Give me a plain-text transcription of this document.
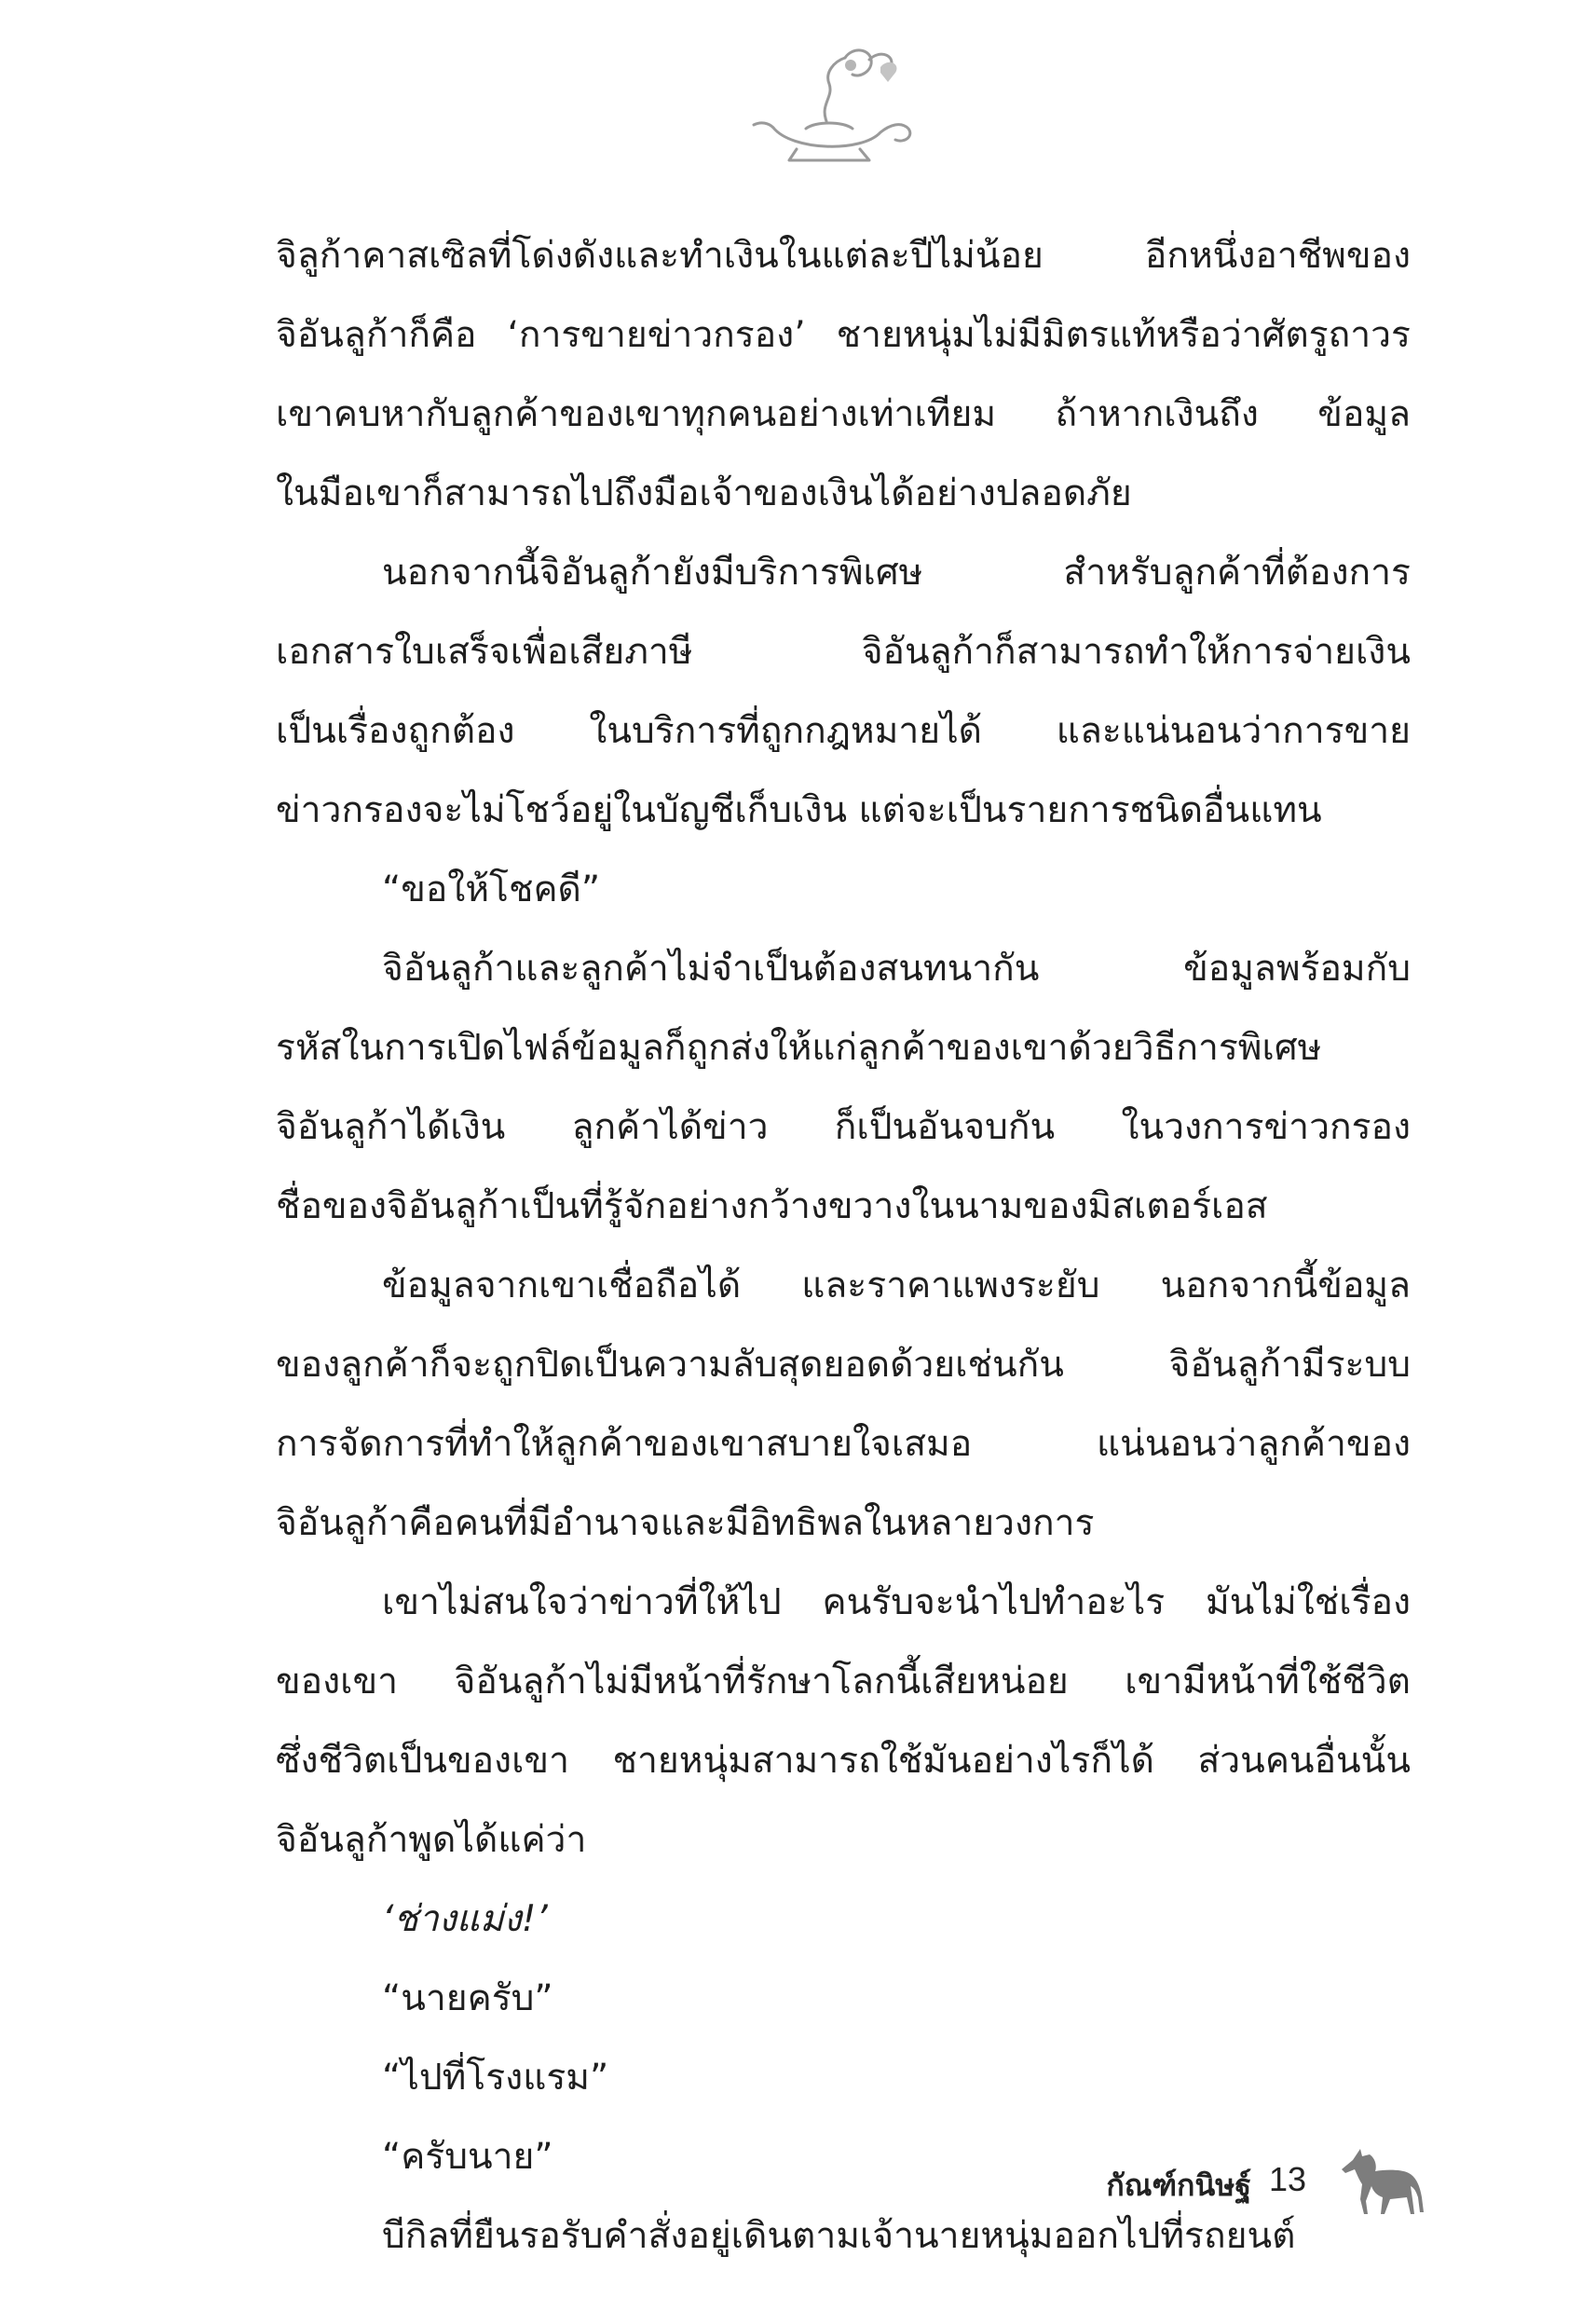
จิลูก้าคาสเซิลที่โด่งดังและทำเงินในแต่ละปีไม่น้อย อีกหนึ่งอาชีพของ

จิอันลูก้าก็คือ ‘การขายข่าวกรอง’ ชายหนุ่มไม่มีมิตรแท้หรือว่าศัตรูถาวร

เขาคบหากับลูกค้าของเขาทุกคนอย่างเท่าเทียม ถ้าหากเงินถึง ข้อมูล

ในมือเขาก็สามารถไปถึงมือเจ้าของเงินได้อย่างปลอดภัย

นอกจากนี้จิอันลูก้ายังมีบริการพิเศษ สำหรับลูกค้าที่ต้องการ

เอกสารใบเสร็จเพื่อเสียภาษี จิอันลูก้าก็สามารถทำให้การจ่ายเงิน

เป็นเรื่องถูกต้อง ในบริการที่ถูกกฎหมายได้ และแน่นอนว่าการขาย

ข่าวกรองจะไม่โชว์อยู่ในบัญชีเก็บเงิน แต่จะเป็นรายการชนิดอื่นแทน

“ขอให้โชคดี”

จิอันลูก้าและลูกค้าไม่จำเป็นต้องสนทนากัน ข้อมูลพร้อมกับ

รหัสในการเปิดไฟล์ข้อมูลก็ถูกส่งให้แก่ลูกค้าของเขาด้วยวิธีการพิเศษ

จิอันลูก้าได้เงิน ลูกค้าได้ข่าว ก็เป็นอันจบกัน ในวงการข่าวกรอง

ชื่อของจิอันลูก้าเป็นที่รู้จักอย่างกว้างขวางในนามของมิสเตอร์เอส

ข้อมูลจากเขาเชื่อถือได้ และราคาแพงระยับ นอกจากนี้ข้อมูล

ของลูกค้าก็จะถูกปิดเป็นความลับสุดยอดด้วยเช่นกัน จิอันลูก้ามีระบบ

การจัดการที่ทำให้ลูกค้าของเขาสบายใจเสมอ แน่นอนว่าลูกค้าของ

จิอันลูก้าคือคนที่มีอำนาจและมีอิทธิพลในหลายวงการ

เขาไม่สนใจว่าข่าวที่ให้ไป คนรับจะนำไปทำอะไร มันไม่ใช่เรื่อง

ของเขา จิอันลูก้าไม่มีหน้าที่รักษาโลกนี้เสียหน่อย เขามีหน้าที่ใช้ชีวิต

ซึ่งชีวิตเป็นของเขา ชายหนุ่มสามารถใช้มันอย่างไรก็ได้ ส่วนคนอื่นนั้น

จิอันลูก้าพูดได้แค่ว่า

‘ช่างแม่ง!’

“นายครับ”

“ไปที่โรงแรม”

“ครับนาย”

บีกิลที่ยืนรอรับคำสั่งอยู่เดินตามเจ้านายหนุ่มออกไปที่รถยนต์

กัณฑ์กนิษฐ์ 13
